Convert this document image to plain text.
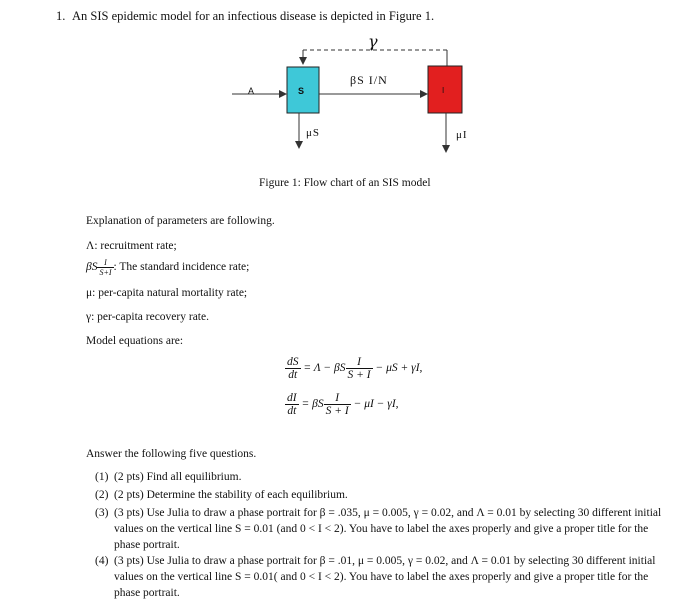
1. An SIS epidemic model for an infectious disease is depicted in Figure 1.
γ
A	S	I
βS I/N
μS	μI
Figure 1: Flow chart of an SIS model
Explanation of parameters are following.
Λ: recruitment rate;
βS $\frac{I}{S+I}$ : The standard incidence rate;
μ: per-capita natural mortality rate;
γ: per-capita recovery rate.
Model equations are:
$\frac{dS}{dt} = \Lambda - \beta S \frac{I}{S + I} - \mu S + \gamma I$,
$\frac{dI}{dt} = \beta S \frac{I}{S + I} - \mu I - \gamma I$,
Answer the following five questions.
(1) (2 pts) Find all equilibrium.
(2) (2 pts) Determine the stability of each equilibrium.
(3) (3 pts) Use Julia to draw a phase portrait for β = .035, μ = 0.005, γ = 0.02, and Λ = 0.01 by selecting 30 different initial values on the vertical line S = 0.01 (and 0 < I < 2). You have to label the axes properly and give a proper title for the phase portrait.
(4) (3 pts) Use Julia to draw a phase portrait for β = .01, μ = 0.005, γ = 0.02, and Λ = 0.01 by selecting 30 different initial values on the vertical line S = 0.01( and 0 < I < 2). You have to label the axes properly and give a proper title for the phase portrait.
